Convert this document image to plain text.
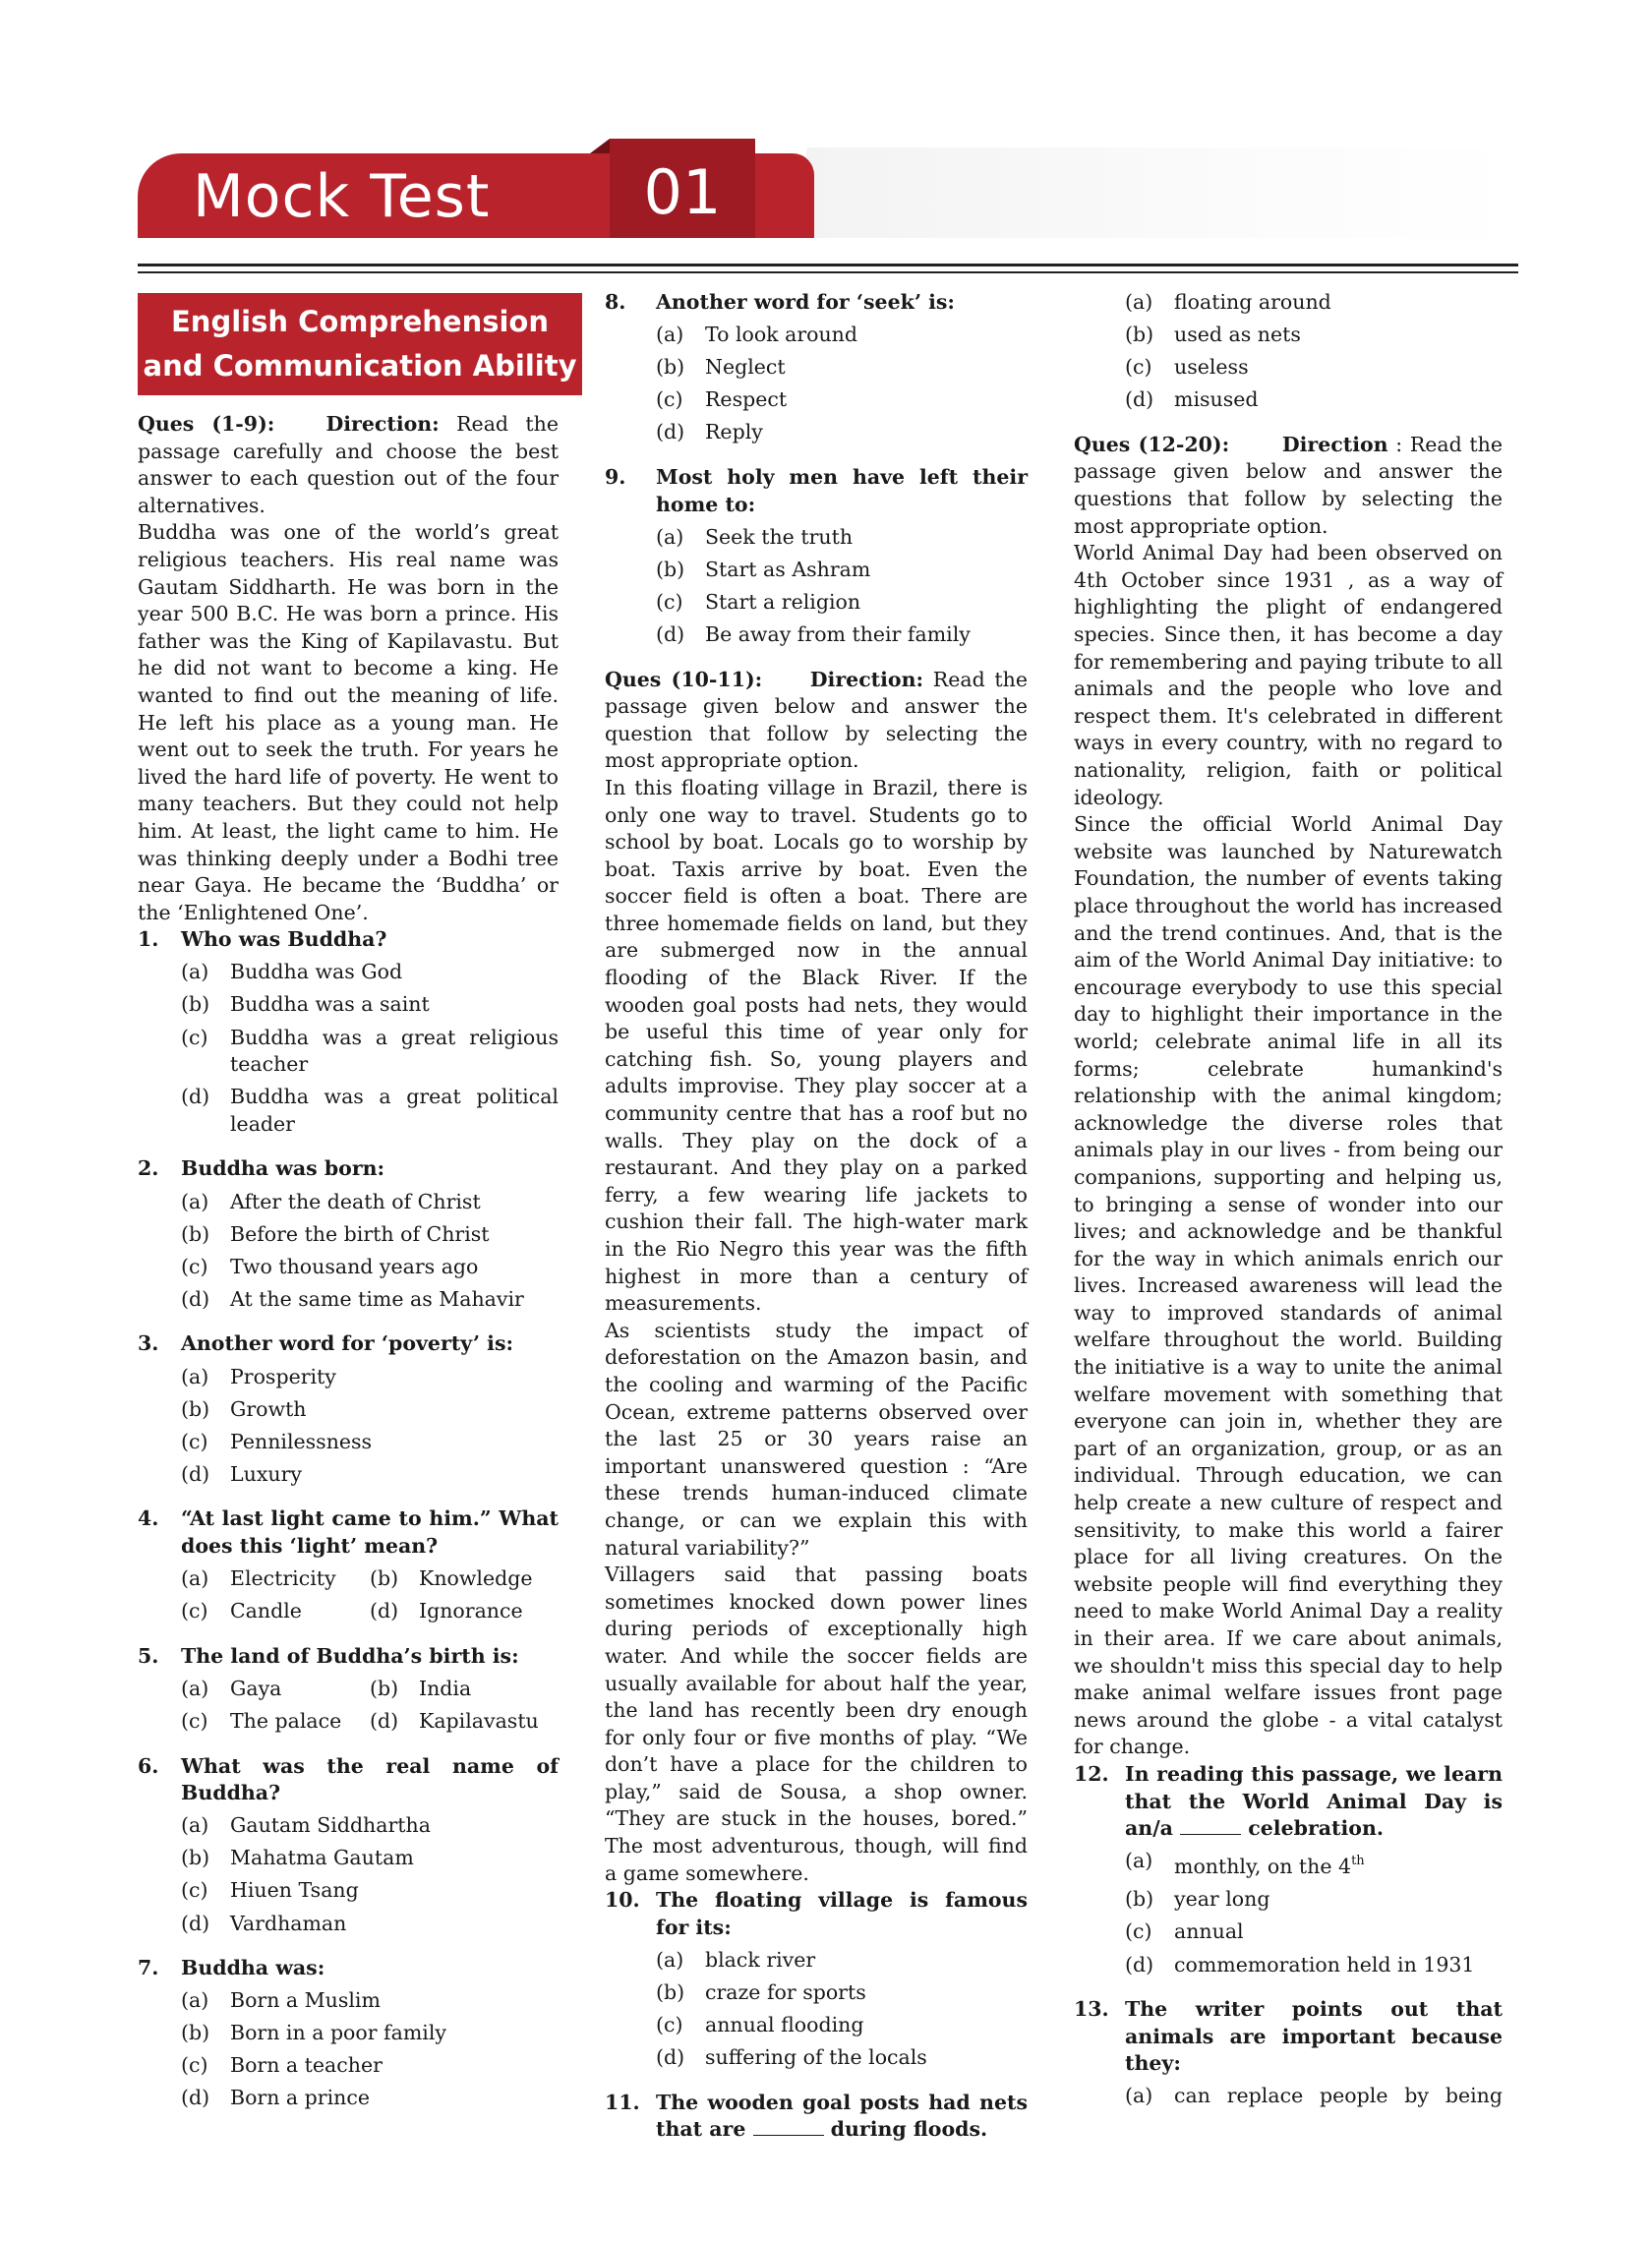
Mock Test	01
English Comprehension
and Communication Ability

Ques (1-9):	Direction: Read the passage carefully and choose the best answer to each question out of the four alternatives.

Buddha was one of the world’s great religious teachers. His real name was Gautam Siddharth. He was born in the year 500 B.C. He was born a prince. His father was the King of Kapilavastu. But he did not want to become a king. He wanted to find out the meaning of life. He left his place as a young man. He went out to seek the truth. For years he lived the hard life of poverty. He went to many teachers. But they could not help him. At least, the light came to him. He was thinking deeply under a Bodhi tree near Gaya. He became the ‘Buddha’ or the ‘Enlightened One’.

1.	Who was Buddha?
(a)	Buddha was God
(b)	Buddha was a saint
(c)	Buddha was a great religious teacher
(d)	Buddha was a great political leader
2.	Buddha was born:
(a)	After the death of Christ
(b)	Before the birth of Christ
(c)	Two thousand years ago
(d)	At the same time as Mahavir
3.	Another word for ‘poverty’ is:
(a)	Prosperity
(b)	Growth
(c)	Pennilessness
(d)	Luxury
4.	“At last light came to him.” What does this ‘light’ mean?
(a)	Electricity (b)	Knowledge
(c)	Candle	(d)	Ignorance
5.	The land of Buddha’s birth is:
(a)	Gaya	(b)	India
(c)	The palace (d)	Kapilavastu
6.	What was the real name of Buddha?
(a)	Gautam Siddhartha
(b)	Mahatma Gautam
(c)	Hiuen Tsang
(d)	Vardhaman
7.	Buddha was:
(a)	Born a Muslim
(b)	Born in a poor family
(c)	Born a teacher
(d)	Born a prince
8.	Another word for ‘seek’ is:
(a)	To look around
(b)	Neglect
(c)	Respect
(d)	Reply
9.	Most holy men have left their home to:
(a)	Seek the truth
(b)	Start as Ashram
(c)	Start a religion
(d)	Be away from their family

Ques (10-11): Direction: Read the passage given below and answer the question that follow by selecting the most appropriate option.

In this floating village in Brazil, there is only one way to travel. Students go to school by boat. Locals go to worship by boat. Taxis arrive by boat. Even the soccer field is often a boat. There are three homemade fields on land, but they are submerged now in the annual flooding of the Black River. If the wooden goal posts had nets, they would be useful this time of year only for catching fish. So, young players and adults improvise. They play soccer at a community centre that has a roof but no walls. They play on the dock of a restaurant. And they play on a parked ferry, a few wearing life jackets to cushion their fall. The high-water mark in the Rio Negro this year was the fifth highest in more than a century of measurements.

As scientists study the impact of deforestation on the Amazon basin, and the cooling and warming of the Pacific Ocean, extreme patterns observed over the last 25 or 30 years raise an important unanswered question : “Are these trends human-induced climate change, or can we explain this with natural variability?”

Villagers said that passing boats sometimes knocked down power lines during periods of exceptionally high water. And while the soccer fields are usually available for about half the year, the land has recently been dry enough for only four or five months of play. “We don’t have a place for the children to play,” said de Sousa, a shop owner. “They are stuck in the houses, bored.” The most adventurous, though, will find a game somewhere.

10. The floating village is famous for its:
(a)	black river
(b)	craze for sports
(c)	annual flooding
(d)	suffering of the locals
11. The wooden goal posts had nets that are	during floods.
(a)	floating around
(b)	used as nets
(c)	useless
(d)	misused

Ques (12-20):	Direction : Read the passage given below and answer the questions that follow by selecting the most appropriate option.

World Animal Day had been observed on 4th October since 1931 , as a way of highlighting the plight of endangered species. Since then, it has become a day for remembering and paying tribute to all animals and the people who love and respect them. It's celebrated in different ways in every country, with no regard to nationality, religion, faith or political ideology.

Since the official World Animal Day website was launched by Naturewatch Foundation, the number of events taking place throughout the world has increased and the trend continues. And, that is the aim of the World Animal Day initiative: to encourage everybody to use this special day to highlight their importance in the world; celebrate animal life in all its forms; celebrate humankind's relationship with the animal kingdom; acknowledge the diverse roles that animals play in our lives - from being our companions, supporting and helping us, to bringing a sense of wonder into our lives; and acknowledge and be thankful for the way in which animals enrich our lives. Increased awareness will lead the way to improved standards of animal welfare throughout the world. Building the initiative is a way to unite the animal welfare movement with something that everyone can join in, whether they are part of an organization, group, or as an individual. Through education, we can help create a new culture of respect and sensitivity, to make this world a fairer place for all living creatures. On the website people will find everything they need to make World Animal Day a reality in their area. If we care about animals, we shouldn't miss this special day to help make animal welfare issues front page news around the globe - a vital catalyst for change.

12. In reading this passage, we learn that the World Animal Day is an/a	celebration.
(a)	monthly, on the 4th
(b)	year long
(c)	annual
(d)	commemoration held in 1931
13. The writer points out that animals are important because they:
(a)	can replace people by being
